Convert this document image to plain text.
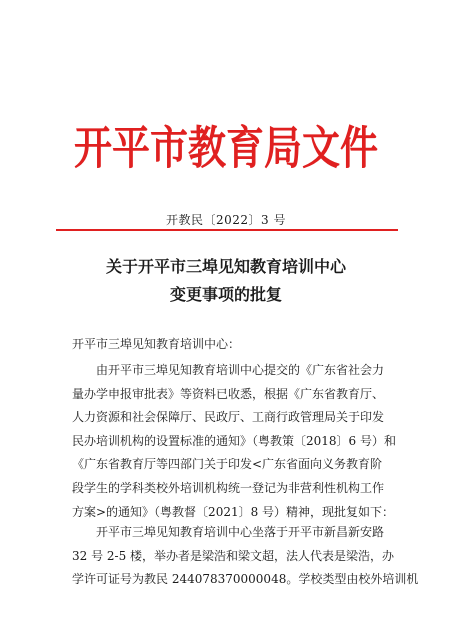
开平市教育局文件
开教民〔2022〕3 号
关于开平市三埠见知教育培训中心
变更事项的批复
开平市三埠见知教育培训中心：
　　由开平市三埠见知教育培训中心提交的《广东省社会力
量办学申报审批表》等资料已收悉，根据《广东省教育厅、
人力资源和社会保障厅、民政厅、工商行政管理局关于印发
民办培训机构的设置标准的通知》（粤教策〔2018〕6 号）和
《广东省教育厅等四部门关于印发<广东省面向义务教育阶
段学生的学科类校外培训机构统一登记为非营利性机构工作
方案>的通知》（粤教督〔2021〕8 号）精神，现批复如下：
　　开平市三埠见知教育培训中心坐落于开平市新昌新安路
32 号 2-5 楼，举办者是梁浩和梁文超，法人代表是梁浩，办
学许可证号为教民 244078370000048。学校类型由校外培训机
